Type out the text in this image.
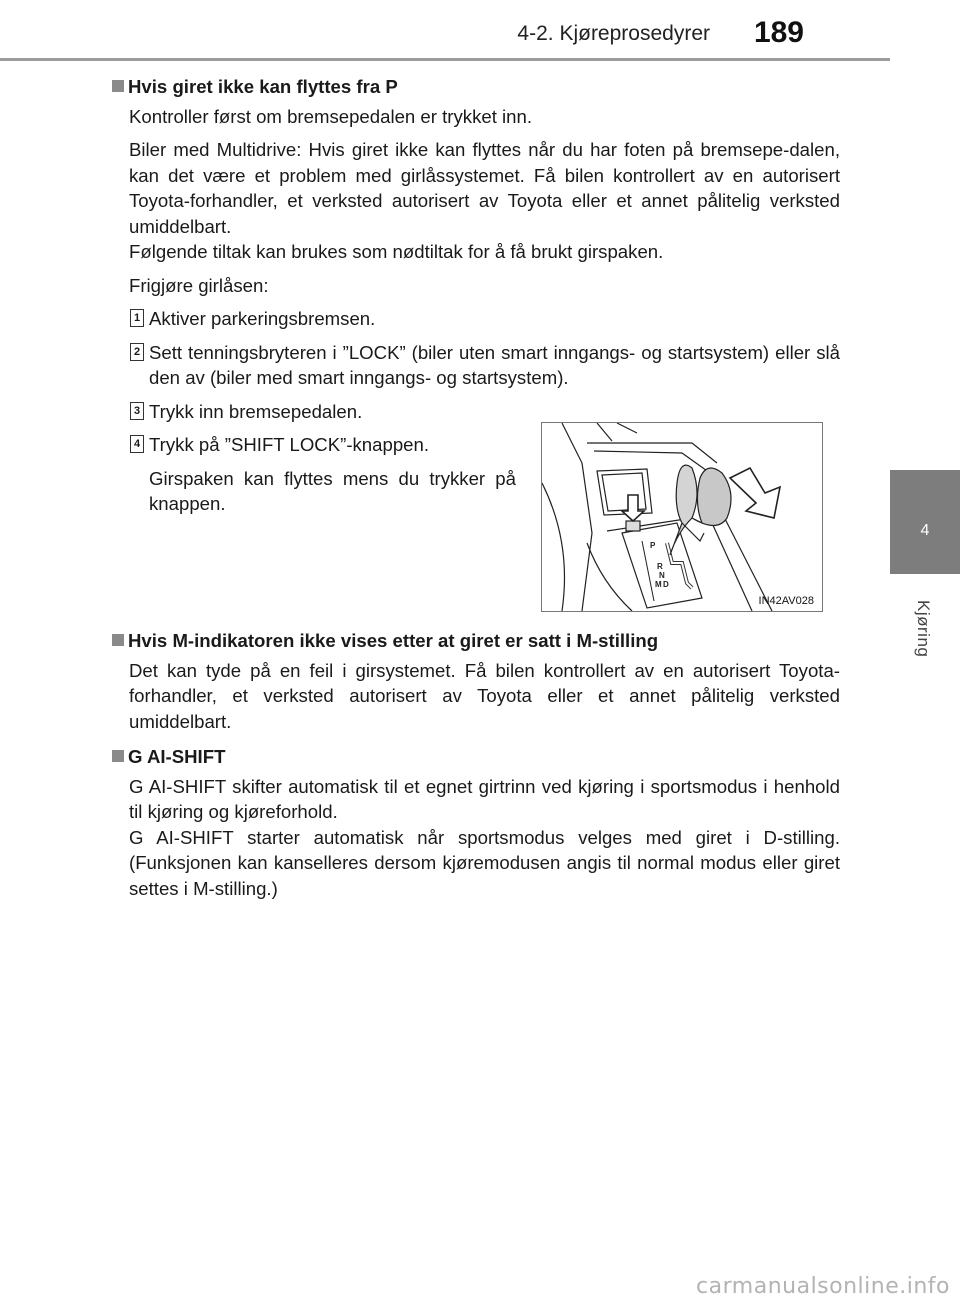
4-2. Kjøreprosedyrer 189
4
Kjøring
Hvis giret ikke kan flyttes fra P
Kontroller først om bremsepedalen er trykket inn.
Biler med Multidrive: Hvis giret ikke kan flyttes når du har foten på bremsepe-dalen, kan det være et problem med girlåssystemet. Få bilen kontrollert av en autorisert Toyota-forhandler, et verksted autorisert av Toyota eller et annet pålitelig verksted umiddelbart.
Følgende tiltak kan brukes som nødtiltak for å få brukt girspaken.
Frigjøre girlåsen:
1 Aktiver parkeringsbremsen.
2 Sett tenningsbryteren i ”LOCK” (biler uten smart inngangs- og startsystem) eller slå den av (biler med smart inngangs- og startsystem).
3 Trykk inn bremsepedalen.
4 Trykk på ”SHIFT LOCK”-knappen.
Girspaken kan flyttes mens du trykker på knappen.
P
R
N
D
M
IN42AV028
Hvis M-indikatoren ikke vises etter at giret er satt i M-stilling
Det kan tyde på en feil i girsystemet. Få bilen kontrollert av en autorisert Toyota-forhandler, et verksted autorisert av Toyota eller et annet pålitelig verksted umiddelbart.
G AI-SHIFT
G AI-SHIFT skifter automatisk til et egnet girtrinn ved kjøring i sportsmodus i henhold til kjøring og kjøreforhold.
G AI-SHIFT starter automatisk når sportsmodus velges med giret i D-stilling. (Funksjonen kan kanselleres dersom kjøremodusen angis til normal modus eller giret settes i M-stilling.)
carmanualsonline.info
